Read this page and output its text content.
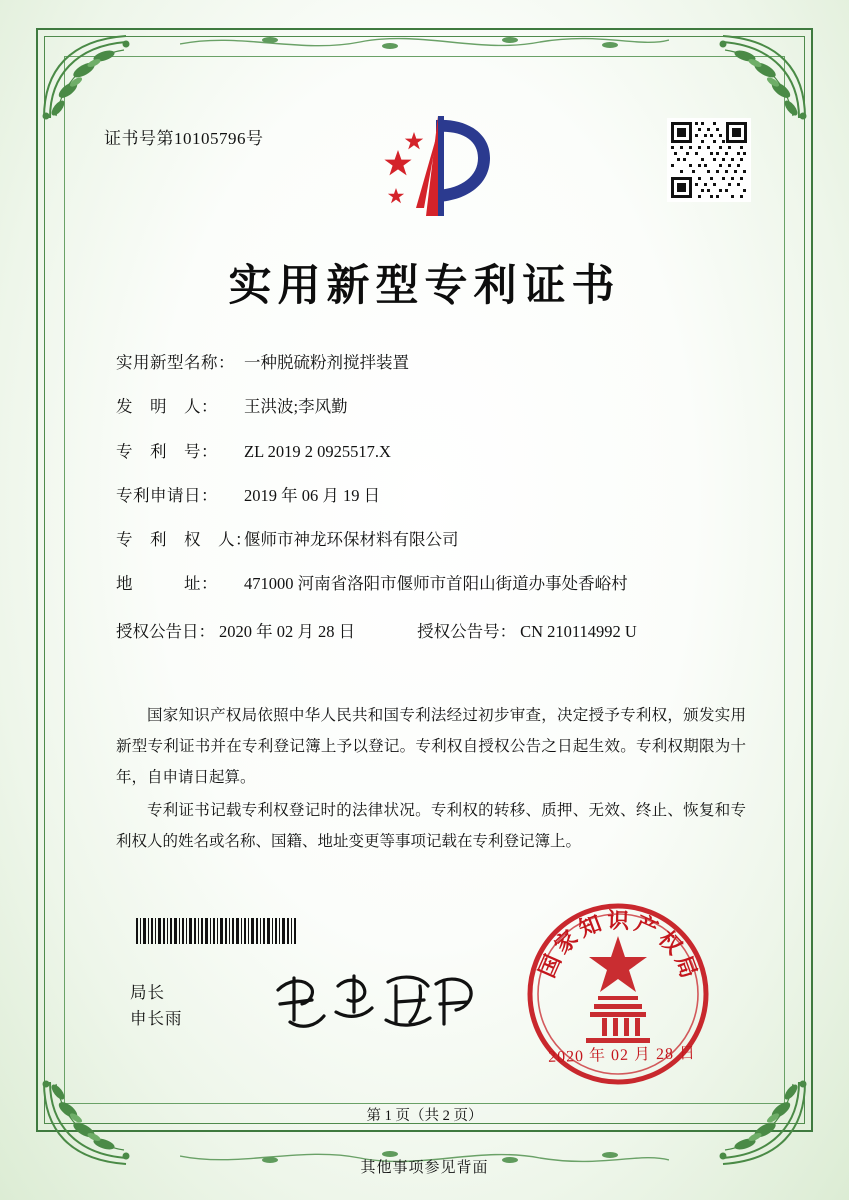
证书号第10105796号
实用新型专利证书
实用新型名称： 一种脱硫粉剂搅拌装置
发　明　人：	王洪波;李风勤
专　利　号：	ZL 2019 2 0925517.X
专利申请日：	2019 年 06 月 19 日
专　利　权　人：
偃师市神龙环保材料有限公司
地　　　址：	471000 河南省洛阳市偃师市首阳山街道办事处香峪村
授权公告日： 2020 年 02 月 28 日	授权公告号： CN 210114992 U

国家知识产权局依照中华人民共和国专利法经过初步审查，决定授予专利权，颁发实用新型专利证书并在专利登记簿上予以登记。专利权自授权公告之日起生效。专利权期限为十年，自申请日起算。

专利证书记载专利权登记时的法律状况。专利权的转移、质押、无效、终止、恢复和专利权人的姓名或名称、国籍、地址变更等事项记载在专利登记簿上。

局长
申长雨
国家知识产权局
2020 年 02 月 28 日
第 1 页（共 2 页）
其他事项参见背面
